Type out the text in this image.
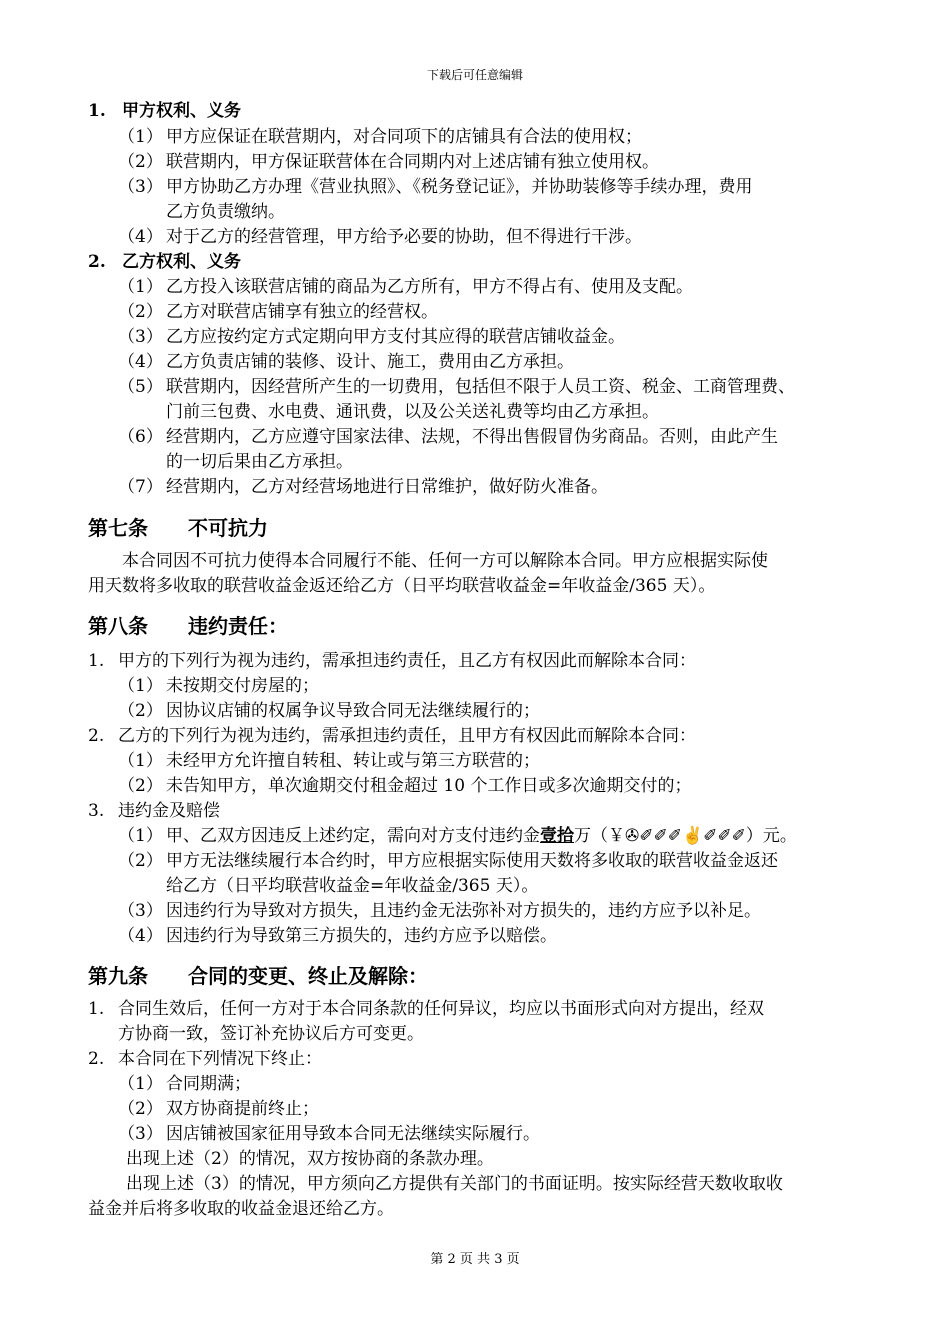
下载后可任意编辑
1. 甲方权利、义务
（1） 甲方应保证在联营期内，对合同项下的店铺具有合法的使用权；
（2） 联营期内，甲方保证联营体在合同期内对上述店铺有独立使用权。
（3） 甲方协助乙方办理《营业执照》、《税务登记证》，并协助装修等手续办理，费用
乙方负责缴纳。
（4） 对于乙方的经营管理，甲方给予必要的协助，但不得进行干涉。
2. 乙方权利、义务
（1） 乙方投入该联营店铺的商品为乙方所有，甲方不得占有、使用及支配。
（2） 乙方对联营店铺享有独立的经营权。
（3） 乙方应按约定方式定期向甲方支付其应得的联营店铺收益金。
（4） 乙方负责店铺的装修、设计、施工，费用由乙方承担。
（5） 联营期内，因经营所产生的一切费用，包括但不限于人员工资、税金、工商管理费、
门前三包费、水电费、通讯费，以及公关送礼费等均由乙方承担。
（6） 经营期内，乙方应遵守国家法律、法规，不得出售假冒伪劣商品。否则，由此产生
的一切后果由乙方承担。
（7） 经营期内，乙方对经营场地进行日常维护，做好防火准备。
第七条 不可抗力
本合同因不可抗力使得本合同履行不能、任何一方可以解除本合同。甲方应根据实际使
用天数将多收取的联营收益金返还给乙方（日平均联营收益金=年收益金/365 天）。
第八条 违约责任：
1. 甲方的下列行为视为违约，需承担违约责任，且乙方有权因此而解除本合同：
（1） 未按期交付房屋的；
（2） 因协议店铺的权属争议导致合同无法继续履行的；
2. 乙方的下列行为视为违约，需承担违约责任，且甲方有权因此而解除本合同：
（1） 未经甲方允许擅自转租、转让或与第三方联营的；
（2） 未告知甲方，单次逾期交付租金超过 10 个工作日或多次逾期交付的；
3. 违约金及赔偿
（1） 甲、乙双方因违反上述约定，需向对方支付违约金壹拾万（￥✇✐✐✐✌✐✐✐）元。
（2） 甲方无法继续履行本合约时，甲方应根据实际使用天数将多收取的联营收益金返还
给乙方（日平均联营收益金=年收益金/365 天）。
（3） 因违约行为导致对方损失，且违约金无法弥补对方损失的，违约方应予以补足。
（4） 因违约行为导致第三方损失的，违约方应予以赔偿。
第九条 合同的变更、终止及解除：
1. 合同生效后，任何一方对于本合同条款的任何异议，均应以书面形式向对方提出，经双
方协商一致，签订补充协议后方可变更。
2. 本合同在下列情况下终止：
（1） 合同期满；
（2） 双方协商提前终止；
（3） 因店铺被国家征用导致本合同无法继续实际履行。
出现上述（2）的情况，双方按协商的条款办理。
出现上述（3）的情况，甲方须向乙方提供有关部门的书面证明。按实际经营天数收取收
益金并后将多收取的收益金退还给乙方。
第 2 页 共 3 页
